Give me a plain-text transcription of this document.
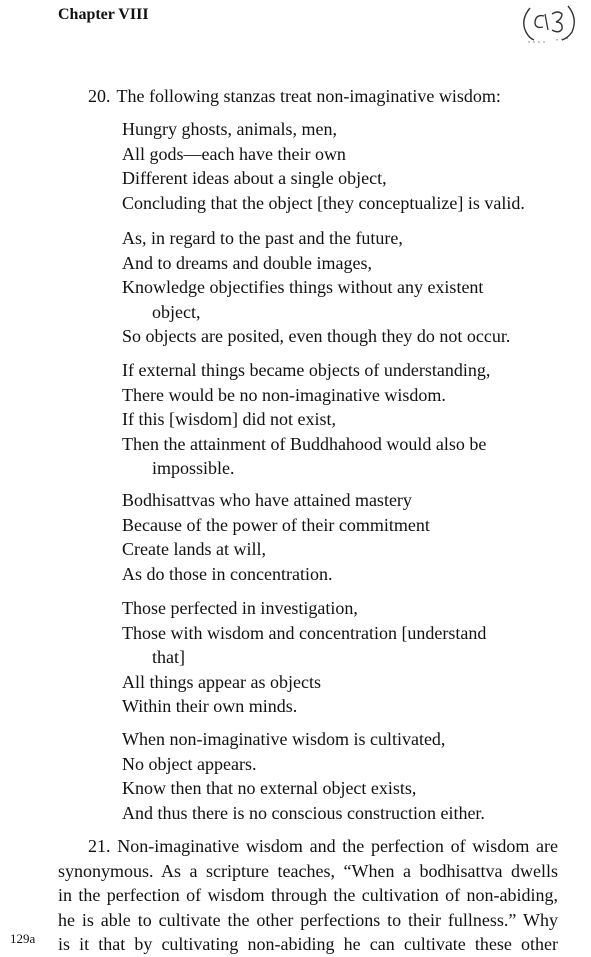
Chapter VIII
20. The following stanzas treat non-imaginative wisdom:
Hungry ghosts, animals, men,
All gods—each have their own
Different ideas about a single object,
Concluding that the object [they conceptualize] is valid.
As, in regard to the past and the future,
And to dreams and double images,
Knowledge objectifies things without any existent
object,
So objects are posited, even though they do not occur.
If external things became objects of understanding,
There would be no non-imaginative wisdom.
If this [wisdom] did not exist,
Then the attainment of Buddhahood would also be
impossible.
Bodhisattvas who have attained mastery
Because of the power of their commitment
Create lands at will,
As do those in concentration.
Those perfected in investigation,
Those with wisdom and concentration [understand
that]
All things appear as objects
Within their own minds.
When non-imaginative wisdom is cultivated,
No object appears.
Know then that no external object exists,
And thus there is no conscious construction either.
21. Non-imaginative wisdom and the perfection of wisdom are
synonymous. As a scripture teaches, “When a bodhisattva dwells
in the perfection of wisdom through the cultivation of non-abiding,
he is able to cultivate the other perfections to their fullness.” Why
is it that by cultivating non-abiding he can cultivate these other
129a
